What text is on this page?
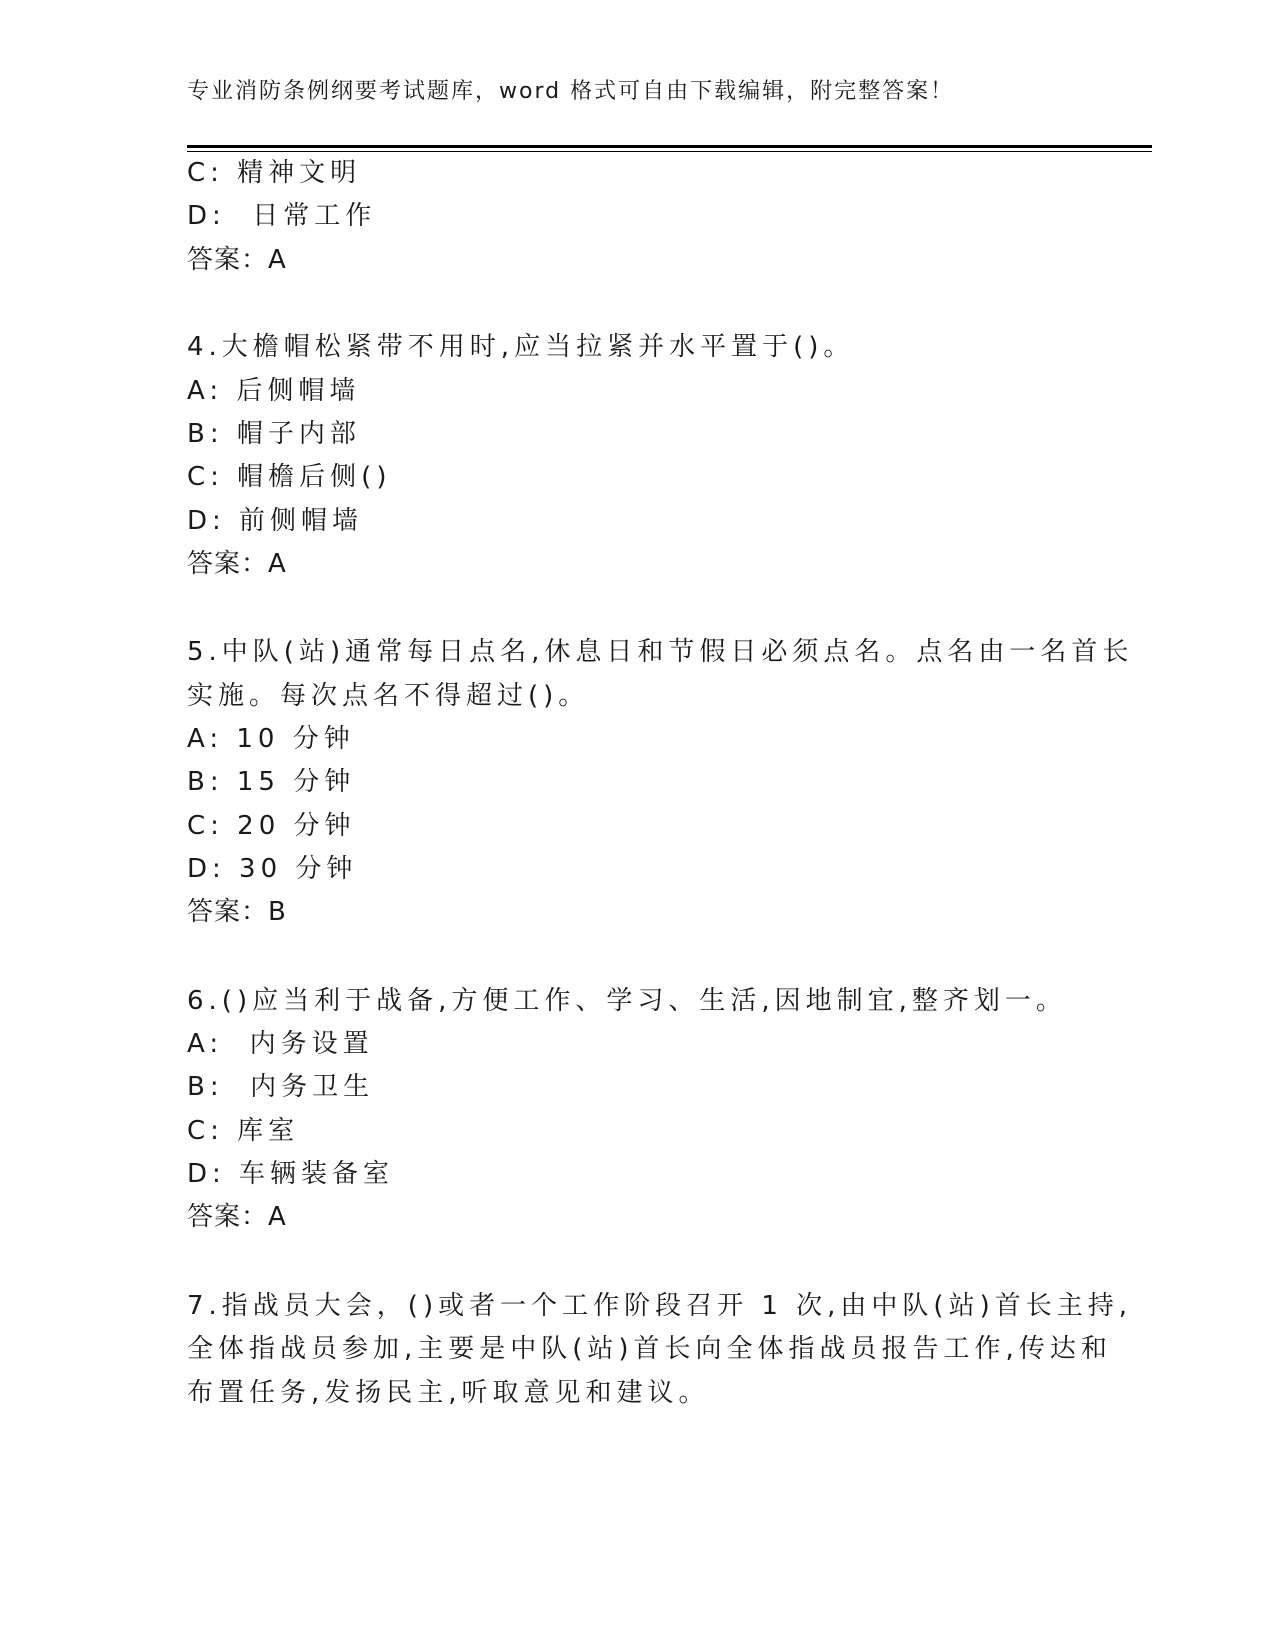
专业消防条例纲要考试题库，word 格式可自由下载编辑，附完整答案！
C: 精神文明
D:  日常工作
答案：A
4.大檐帽松紧带不用时,应当拉紧并水平置于()。
A: 后侧帽墙
B: 帽子内部
C: 帽檐后侧()
D: 前侧帽墙
答案：A
5.中队(站)通常每日点名,休息日和节假日必须点名。点名由一名首长
实施。每次点名不得超过()。
A: 10 分钟
B: 15 分钟
C: 20 分钟
D: 30 分钟
答案：B
6.()应当利于战备,方便工作、学习、生活,因地制宜,整齐划一。
A:  内务设置
B:  内务卫生
C: 库室
D: 车辆装备室
答案：A
7.指战员大会，()或者一个工作阶段召开 1 次,由中队(站)首长主持,
全体指战员参加,主要是中队(站)首长向全体指战员报告工作,传达和
布置任务,发扬民主,听取意见和建议。
